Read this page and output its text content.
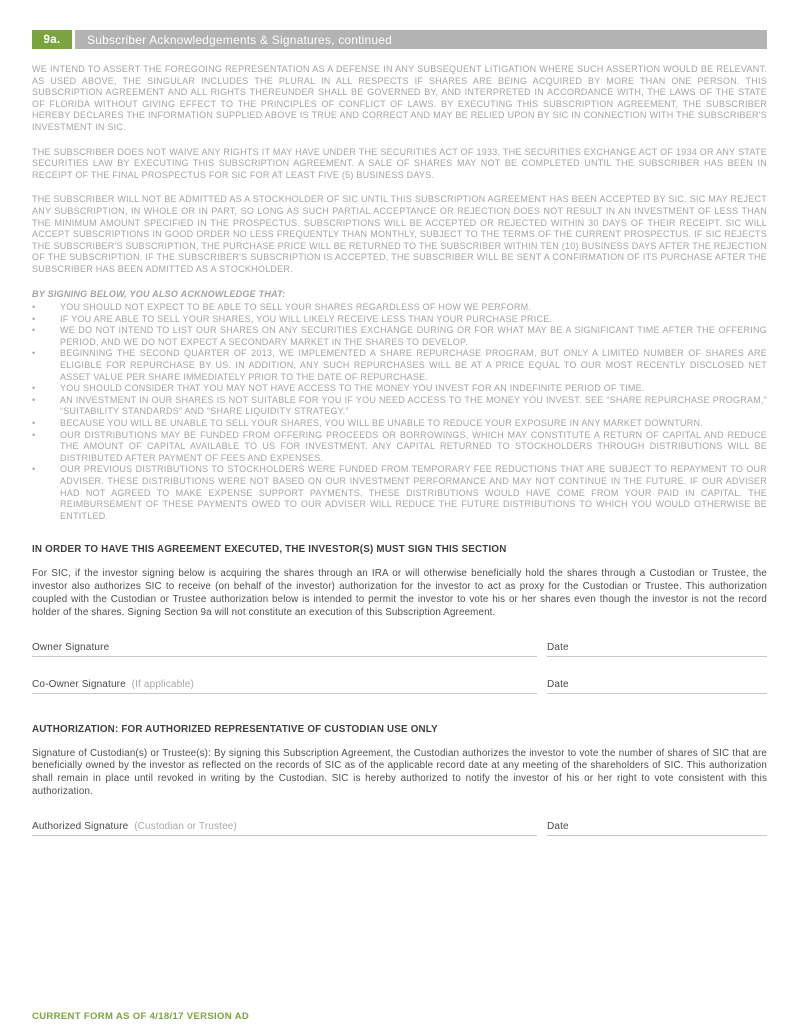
9a.	Subscriber Acknowledgements & Signatures, continued

WE INTEND TO ASSERT THE FOREGOING REPRESENTATION AS A DEFENSE IN ANY SUBSEQUENT LITIGATION WHERE SUCH ASSERTION WOULD BE RELEVANT. AS USED ABOVE, THE SINGULAR INCLUDES THE PLURAL IN ALL RESPECTS IF SHARES ARE BEING ACQUIRED BY MORE THAN ONE PERSON. THIS SUBSCRIPTION AGREEMENT AND ALL RIGHTS THEREUNDER SHALL BE GOVERNED BY, AND INTERPRETED IN ACCORDANCE WITH, THE LAWS OF THE STATE OF FLORIDA WITHOUT GIVING EFFECT TO THE PRINCIPLES OF CONFLICT OF LAWS. BY EXECUTING THIS SUBSCRIPTION AGREEMENT, THE SUBSCRIBER HEREBY DECLARES THE INFORMATION SUPPLIED ABOVE IS TRUE AND CORRECT AND MAY BE RELIED UPON BY SIC IN CONNECTION WITH THE SUBSCRIBER'S INVESTMENT IN SIC.

THE SUBSCRIBER DOES NOT WAIVE ANY RIGHTS IT MAY HAVE UNDER THE SECURITIES ACT OF 1933, THE SECURITIES EXCHANGE ACT OF 1934 OR ANY STATE SECURITIES LAW BY EXECUTING THIS SUBSCRIPTION AGREEMENT. A SALE OF SHARES MAY NOT BE COMPLETED UNTIL THE SUBSCRIBER HAS BEEN IN RECEIPT OF THE FINAL PROSPECTUS FOR SIC FOR AT LEAST FIVE (5) BUSINESS DAYS.

THE SUBSCRIBER WILL NOT BE ADMITTED AS A STOCKHOLDER OF SIC UNTIL THIS SUBSCRIPTION AGREEMENT HAS BEEN ACCEPTED BY SIC. SIC MAY REJECT ANY SUBSCRIPTION, IN WHOLE OR IN PART, SO LONG AS SUCH PARTIAL ACCEPTANCE OR REJECTION DOES NOT RESULT IN AN INVESTMENT OF LESS THAN THE MINIMUM AMOUNT SPECIFIED IN THE PROSPECTUS. SUBSCRIPTIONS WILL BE ACCEPTED OR REJECTED WITHIN 30 DAYS OF THEIR RECEIPT. SIC WILL ACCEPT SUBSCRIPTIONS IN GOOD ORDER NO LESS FREQUENTLY THAN MONTHLY, SUBJECT TO THE TERMS OF THE CURRENT PROSPECTUS. IF SIC REJECTS THE SUBSCRIBER'S SUBSCRIPTION, THE PURCHASE PRICE WILL BE RETURNED TO THE SUBSCRIBER WITHIN TEN (10) BUSINESS DAYS AFTER THE REJECTION OF THE SUBSCRIPTION. IF THE SUBSCRIBER'S SUBSCRIPTION IS ACCEPTED, THE SUBSCRIBER WILL BE SENT A CONFIRMATION OF ITS PURCHASE AFTER THE SUBSCRIBER HAS BEEN ADMITTED AS A STOCKHOLDER.

BY SIGNING BELOW, YOU ALSO ACKNOWLEDGE THAT:
•	YOU SHOULD NOT EXPECT TO BE ABLE TO SELL YOUR SHARES REGARDLESS OF HOW WE PERFORM.
•	IF YOU ARE ABLE TO SELL YOUR SHARES, YOU WILL LIKELY RECEIVE LESS THAN YOUR PURCHASE PRICE.
•	WE DO NOT INTEND TO LIST OUR SHARES ON ANY SECURITIES EXCHANGE DURING OR FOR WHAT MAY BE A SIGNIFICANT TIME AFTER THE OFFERING PERIOD, AND WE DO NOT EXPECT A SECONDARY MARKET IN THE SHARES TO DEVELOP.
•	BEGINNING THE SECOND QUARTER OF 2013, WE IMPLEMENTED A SHARE REPURCHASE PROGRAM, BUT ONLY A LIMITED NUMBER OF SHARES ARE ELIGIBLE FOR REPURCHASE BY US. IN ADDITION, ANY SUCH REPURCHASES WILL BE AT A PRICE EQUAL TO OUR MOST RECENTLY DISCLOSED NET ASSET VALUE PER SHARE IMMEDIATELY PRIOR TO THE DATE OF REPURCHASE.
•	YOU SHOULD CONSIDER THAT YOU MAY NOT HAVE ACCESS TO THE MONEY YOU INVEST FOR AN INDEFINITE PERIOD OF TIME.
•	AN INVESTMENT IN OUR SHARES IS NOT SUITABLE FOR YOU IF YOU NEED ACCESS TO THE MONEY YOU INVEST. SEE “SHARE REPURCHASE PROGRAM,” “SUITABILITY STANDARDS” AND “SHARE LIQUIDITY STRATEGY.”
•	BECAUSE YOU WILL BE UNABLE TO SELL YOUR SHARES, YOU WILL BE UNABLE TO REDUCE YOUR EXPOSURE IN ANY MARKET DOWNTURN.
•	OUR DISTRIBUTIONS MAY BE FUNDED FROM OFFERING PROCEEDS OR BORROWINGS, WHICH MAY CONSTITUTE A RETURN OF CAPITAL AND REDUCE THE AMOUNT OF CAPITAL AVAILABLE TO US FOR INVESTMENT. ANY CAPITAL RETURNED TO STOCKHOLDERS THROUGH DISTRIBUTIONS WILL BE DISTRIBUTED AFTER PAYMENT OF FEES AND EXPENSES.
•	OUR PREVIOUS DISTRIBUTIONS TO STOCKHOLDERS WERE FUNDED FROM TEMPORARY FEE REDUCTIONS THAT ARE SUBJECT TO REPAYMENT TO OUR ADVISER. THESE DISTRIBUTIONS WERE NOT BASED ON OUR INVESTMENT PERFORMANCE AND MAY NOT CONTINUE IN THE FUTURE. IF OUR ADVISER HAD NOT AGREED TO MAKE EXPENSE SUPPORT PAYMENTS, THESE DISTRIBUTIONS WOULD HAVE COME FROM YOUR PAID IN CAPITAL. THE REIMBURSEMENT OF THESE PAYMENTS OWED TO OUR ADVISER WILL REDUCE THE FUTURE DISTRIBUTIONS TO WHICH YOU WOULD OTHERWISE BE ENTITLED.
IN ORDER TO HAVE THIS AGREEMENT EXECUTED, THE INVESTOR(S) MUST SIGN THIS SECTION

For SIC, if the investor signing below is acquiring the shares through an IRA or will otherwise beneficially hold the shares through a Custodian or Trustee, the investor also authorizes SIC to receive (on behalf of the investor) authorization for the investor to act as proxy for the Custodian or Trustee. This authorization coupled with the Custodian or Trustee authorization below is intended to permit the investor to vote his or her shares even though the investor is not the record holder of the shares. Signing Section 9a will not constitute an execution of this Subscription Agreement.

Owner Signature	Date
Co-Owner Signature (If applicable)	Date
AUTHORIZATION: FOR AUTHORIZED REPRESENTATIVE OF CUSTODIAN USE ONLY

Signature of Custodian(s) or Trustee(s): By signing this Subscription Agreement, the Custodian authorizes the investor to vote the number of shares of SIC that are beneficially owned by the investor as reflected on the records of SIC as of the applicable record date at any meeting of the shareholders of SIC. This authorization shall remain in place until revoked in writing by the Custodian. SIC is hereby authorized to notify the investor of his or her right to vote consistent with this authorization.

Authorized Signature (Custodian or Trustee)	Date
CURRENT FORM AS OF 4/18/17 VERSION AD
